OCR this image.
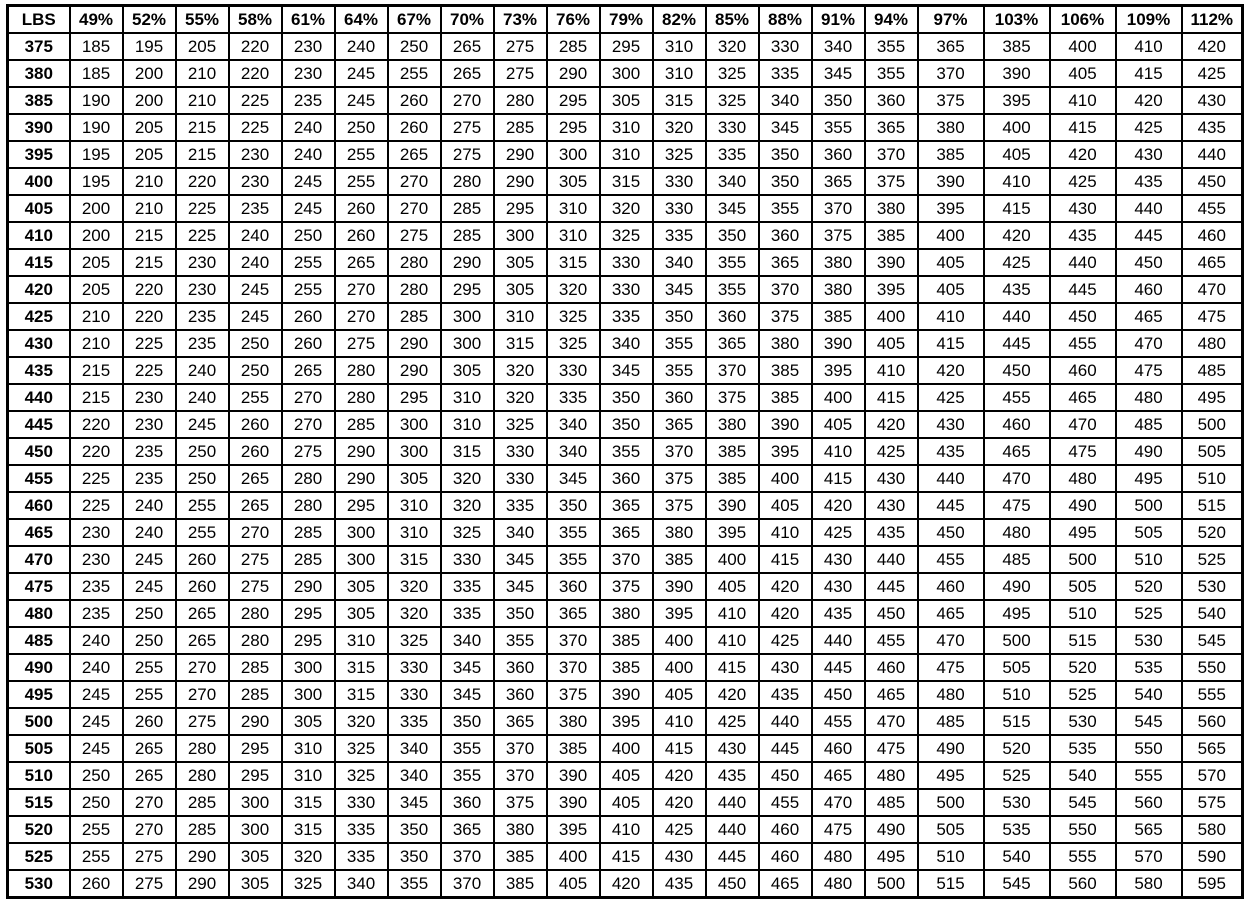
LBS	49%	52%	55%	58%	61%	64%	67%	70%	73%	76%	79%	82%	85%	88%	91%	94%	97%	103%	106%	109%	112%
375	185	195	205	220	230	240	250	265	275	285	295	310	320	330	340	355	365	385	400	410	420
380	185	200	210	220	230	245	255	265	275	290	300	310	325	335	345	355	370	390	405	415	425
385	190	200	210	225	235	245	260	270	280	295	305	315	325	340	350	360	375	395	410	420	430
390	190	205	215	225	240	250	260	275	285	295	310	320	330	345	355	365	380	400	415	425	435
395	195	205	215	230	240	255	265	275	290	300	310	325	335	350	360	370	385	405	420	430	440
400	195	210	220	230	245	255	270	280	290	305	315	330	340	350	365	375	390	410	425	435	450
405	200	210	225	235	245	260	270	285	295	310	320	330	345	355	370	380	395	415	430	440	455
410	200	215	225	240	250	260	275	285	300	310	325	335	350	360	375	385	400	420	435	445	460
415	205	215	230	240	255	265	280	290	305	315	330	340	355	365	380	390	405	425	440	450	465
420	205	220	230	245	255	270	280	295	305	320	330	345	355	370	380	395	405	435	445	460	470
425	210	220	235	245	260	270	285	300	310	325	335	350	360	375	385	400	410	440	450	465	475
430	210	225	235	250	260	275	290	300	315	325	340	355	365	380	390	405	415	445	455	470	480
435	215	225	240	250	265	280	290	305	320	330	345	355	370	385	395	410	420	450	460	475	485
440	215	230	240	255	270	280	295	310	320	335	350	360	375	385	400	415	425	455	465	480	495
445	220	230	245	260	270	285	300	310	325	340	350	365	380	390	405	420	430	460	470	485	500
450	220	235	250	260	275	290	300	315	330	340	355	370	385	395	410	425	435	465	475	490	505
455	225	235	250	265	280	290	305	320	330	345	360	375	385	400	415	430	440	470	480	495	510
460	225	240	255	265	280	295	310	320	335	350	365	375	390	405	420	430	445	475	490	500	515
465	230	240	255	270	285	300	310	325	340	355	365	380	395	410	425	435	450	480	495	505	520
470	230	245	260	275	285	300	315	330	345	355	370	385	400	415	430	440	455	485	500	510	525
475	235	245	260	275	290	305	320	335	345	360	375	390	405	420	430	445	460	490	505	520	530
480	235	250	265	280	295	305	320	335	350	365	380	395	410	420	435	450	465	495	510	525	540
485	240	250	265	280	295	310	325	340	355	370	385	400	410	425	440	455	470	500	515	530	545
490	240	255	270	285	300	315	330	345	360	370	385	400	415	430	445	460	475	505	520	535	550
495	245	255	270	285	300	315	330	345	360	375	390	405	420	435	450	465	480	510	525	540	555
500	245	260	275	290	305	320	335	350	365	380	395	410	425	440	455	470	485	515	530	545	560
505	245	265	280	295	310	325	340	355	370	385	400	415	430	445	460	475	490	520	535	550	565
510	250	265	280	295	310	325	340	355	370	390	405	420	435	450	465	480	495	525	540	555	570
515	250	270	285	300	315	330	345	360	375	390	405	420	440	455	470	485	500	530	545	560	575
520	255	270	285	300	315	335	350	365	380	395	410	425	440	460	475	490	505	535	550	565	580
525	255	275	290	305	320	335	350	370	385	400	415	430	445	460	480	495	510	540	555	570	590
530	260	275	290	305	325	340	355	370	385	405	420	435	450	465	480	500	515	545	560	580	595
